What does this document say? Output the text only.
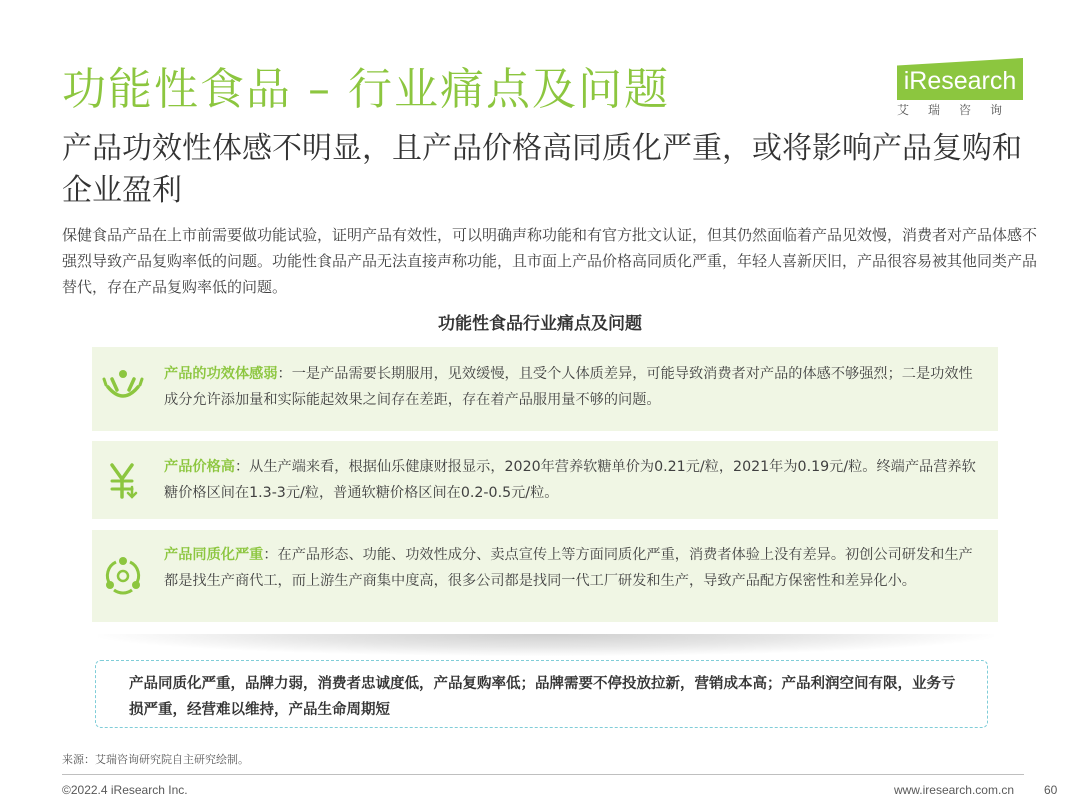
功能性食品 – 行业痛点及问题	iResearch
艾瑞咨询
产品功效性体感不明显，且产品价格高同质化严重，或将影响产品复购和企业盈利
保健食品产品在上市前需要做功能试验，证明产品有效性，可以明确声称功能和有官方批文认证，但其仍然面临着产品见效慢，消费者对产品体感不强烈导致产品复购率低的问题。功能性食品产品无法直接声称功能，且市面上产品价格高同质化严重，年轻人喜新厌旧，产品很容易被其他同类产品替代，存在产品复购率低的问题。
功能性食品行业痛点及问题
产品的功效体感弱：一是产品需要长期服用，见效缓慢，且受个人体质差异，可能导致消费者对产品的体感不够强烈；二是功效性成分允许添加量和实际能起效果之间存在差距，存在着产品服用量不够的问题。
产品价格高：从生产端来看，根据仙乐健康财报显示，2020年营养软糖单价为0.21元/粒，2021年为0.19元/粒。终端产品营养软糖价格区间在1.3-3元/粒，普通软糖价格区间在0.2-0.5元/粒。
产品同质化严重：在产品形态、功能、功效性成分、卖点宣传上等方面同质化严重，消费者体验上没有差异。初创公司研发和生产都是找生产商代工，而上游生产商集中度高，很多公司都是找同一代工厂研发和生产，导致产品配方保密性和差异化小。
产品同质化严重，品牌力弱，消费者忠诚度低，产品复购率低；品牌需要不停投放拉新，营销成本高；产品利润空间有限，业务亏损严重，经营难以维持，产品生命周期短
来源：艾瑞咨询研究院自主研究绘制。
©2022.4 iResearch Inc.	www.iresearch.com.cn	60
